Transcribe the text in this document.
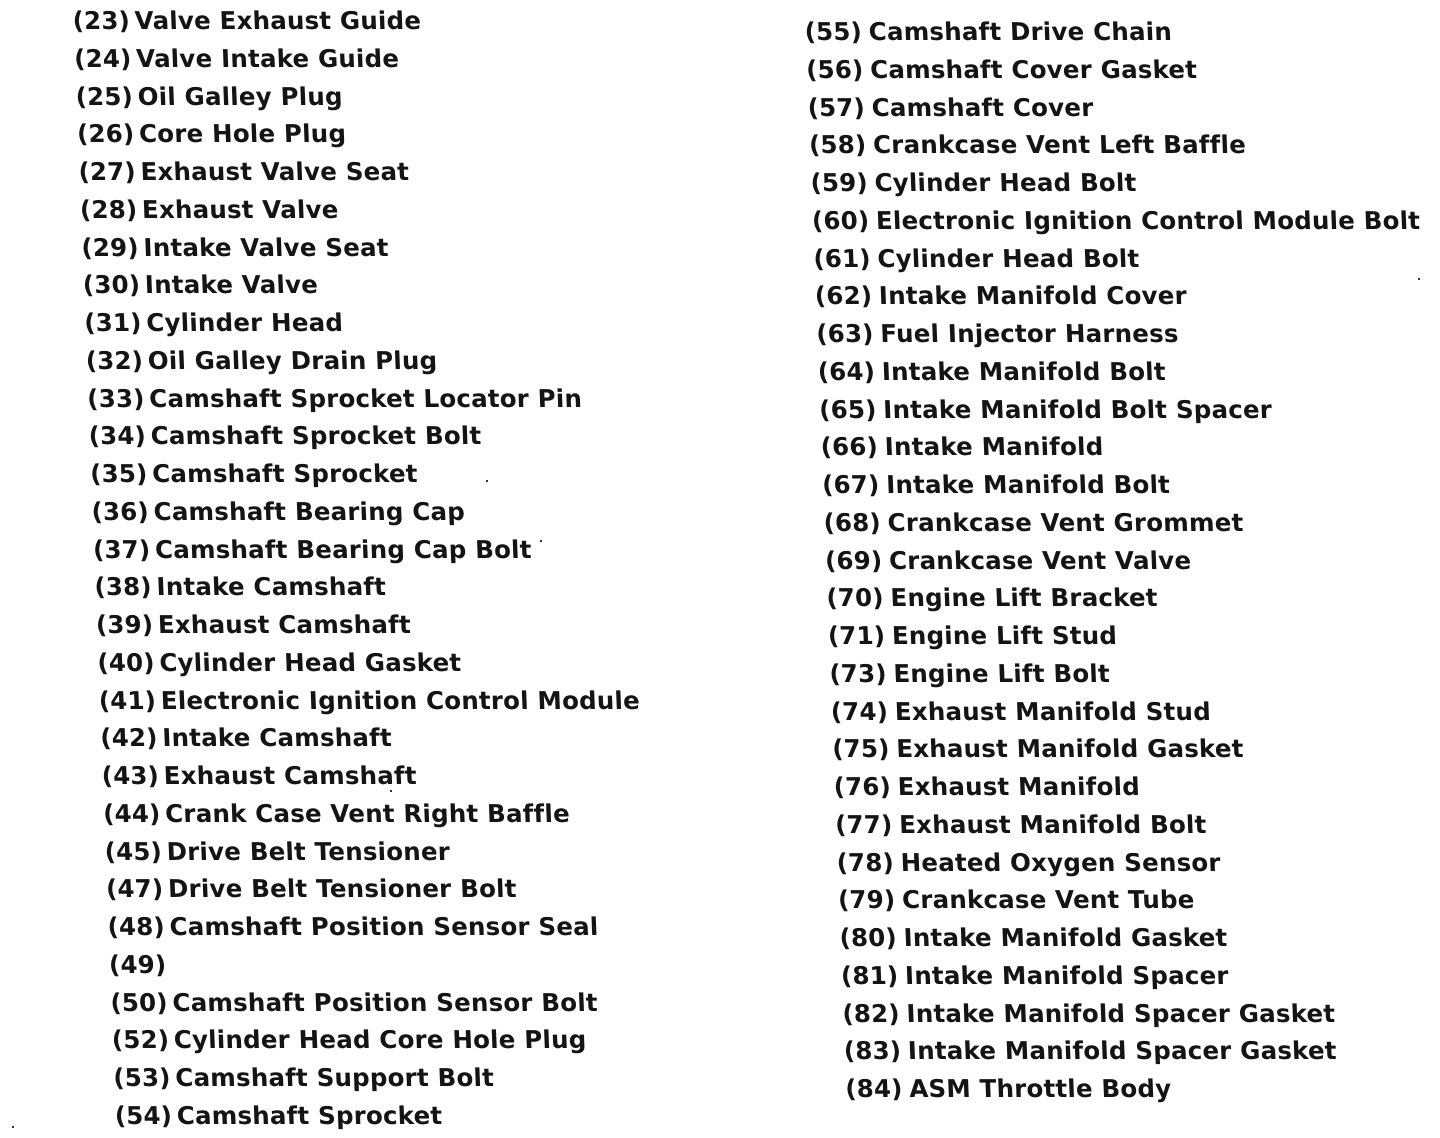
(23) Valve Exhaust Guide
(24) Valve Intake Guide
(25) Oil Galley Plug
(26) Core Hole Plug
(27) Exhaust Valve Seat
(28) Exhaust Valve
(29) Intake Valve Seat
(30) Intake Valve
(31) Cylinder Head
(32) Oil Galley Drain Plug
(33) Camshaft Sprocket Locator Pin
(34) Camshaft Sprocket Bolt
(35) Camshaft Sprocket
(36) Camshaft Bearing Cap
(37) Camshaft Bearing Cap Bolt
(38) Intake Camshaft
(39) Exhaust Camshaft
(40) Cylinder Head Gasket
(41) Electronic Ignition Control Module
(42) Intake Camshaft
(43) Exhaust Camshaft
(44) Crank Case Vent Right Baffle
(45) Drive Belt Tensioner
(47) Drive Belt Tensioner Bolt
(48) Camshaft Position Sensor Seal
(49)
(50) Camshaft Position Sensor Bolt
(52) Cylinder Head Core Hole Plug
(53) Camshaft Support Bolt
(54) Camshaft Sprocket
(55) Camshaft Drive Chain
(56) Camshaft Cover Gasket
(57) Camshaft Cover
(58) Crankcase Vent Left Baffle
(59) Cylinder Head Bolt
(60) Electronic Ignition Control Module Bolt
(61) Cylinder Head Bolt
(62) Intake Manifold Cover
(63) Fuel Injector Harness
(64) Intake Manifold Bolt
(65) Intake Manifold Bolt Spacer
(66) Intake Manifold
(67) Intake Manifold Bolt
(68) Crankcase Vent Grommet
(69) Crankcase Vent Valve
(70) Engine Lift Bracket
(71) Engine Lift Stud
(73) Engine Lift Bolt
(74) Exhaust Manifold Stud
(75) Exhaust Manifold Gasket
(76) Exhaust Manifold
(77) Exhaust Manifold Bolt
(78) Heated Oxygen Sensor
(79) Crankcase Vent Tube
(80) Intake Manifold Gasket
(81) Intake Manifold Spacer
(82) Intake Manifold Spacer Gasket
(83) Intake Manifold Spacer Gasket
(84) ASM Throttle Body
